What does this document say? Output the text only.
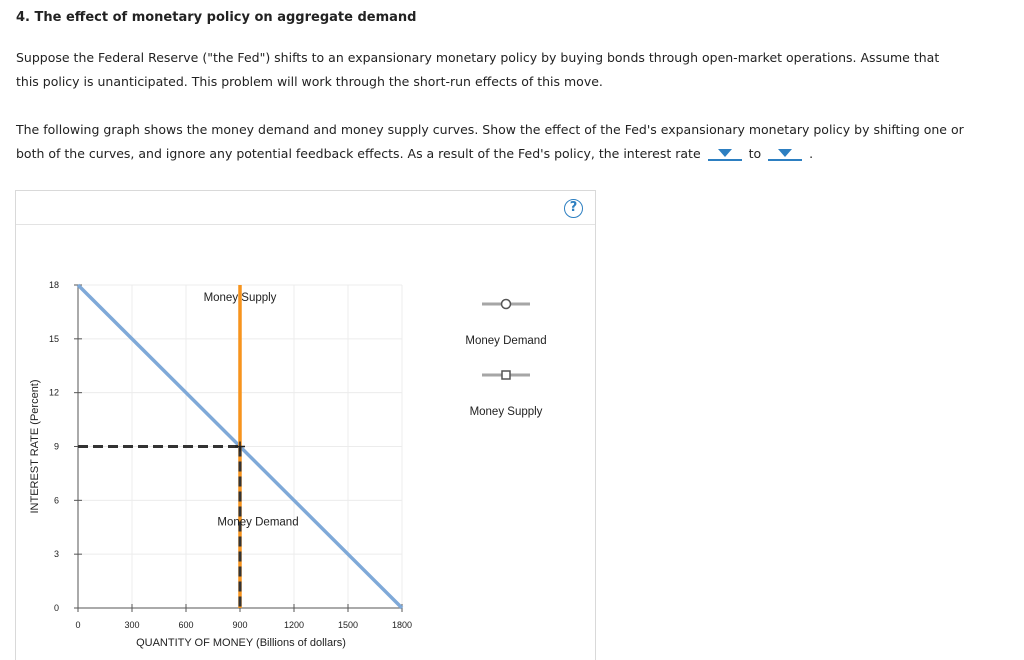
4. The effect of monetary policy on aggregate demand
Suppose the Federal Reserve ("the Fed") shifts to an expansionary monetary policy by buying bonds through open-market operations. Assume that
this policy is unanticipated. This problem will work through the short-run effects of this move.
The following graph shows the money demand and money supply curves. Show the effect of the Fed's expansionary monetary policy by shifting one or
both of the curves, and ignore any potential feedback effects. As a result of the Fed's policy, the interest rate	to	.
?
0
3
6
9
12
15
18
0	300	600	900	1200	1500	1800
QUANTITY OF MONEY (Billions of dollars)
INTEREST RATE (Percent)
Money Demand
Money Supply
Money Demand
Money Supply
